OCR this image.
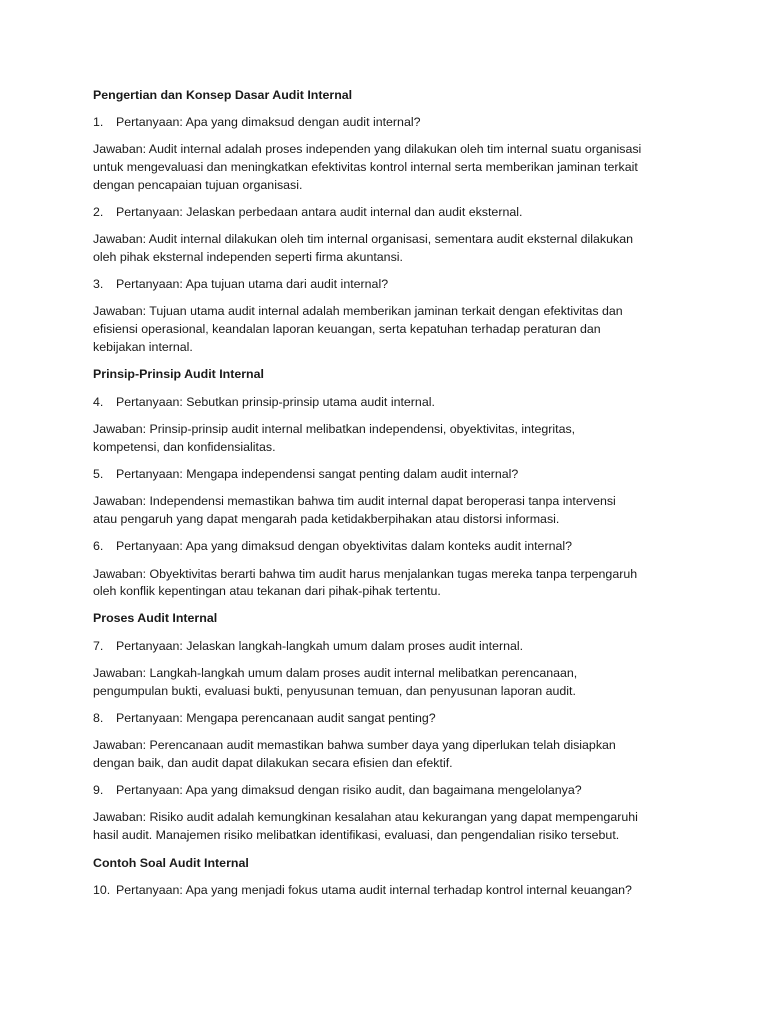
Pengertian dan Konsep Dasar Audit Internal

1. Pertanyaan: Apa yang dimaksud dengan audit internal?

Jawaban: Audit internal adalah proses independen yang dilakukan oleh tim internal suatu organisasi

untuk mengevaluasi dan meningkatkan efektivitas kontrol internal serta memberikan jaminan terkait

dengan pencapaian tujuan organisasi.

2. Pertanyaan: Jelaskan perbedaan antara audit internal dan audit eksternal.

Jawaban: Audit internal dilakukan oleh tim internal organisasi, sementara audit eksternal dilakukan

oleh pihak eksternal independen seperti firma akuntansi.

3. Pertanyaan: Apa tujuan utama dari audit internal?

Jawaban: Tujuan utama audit internal adalah memberikan jaminan terkait dengan efektivitas dan

efisiensi operasional, keandalan laporan keuangan, serta kepatuhan terhadap peraturan dan

kebijakan internal.

Prinsip-Prinsip Audit Internal

4. Pertanyaan: Sebutkan prinsip-prinsip utama audit internal.

Jawaban: Prinsip-prinsip audit internal melibatkan independensi, obyektivitas, integritas,

kompetensi, dan konfidensialitas.

5. Pertanyaan: Mengapa independensi sangat penting dalam audit internal?

Jawaban: Independensi memastikan bahwa tim audit internal dapat beroperasi tanpa intervensi

atau pengaruh yang dapat mengarah pada ketidakberpihakan atau distorsi informasi.

6. Pertanyaan: Apa yang dimaksud dengan obyektivitas dalam konteks audit internal?

Jawaban: Obyektivitas berarti bahwa tim audit harus menjalankan tugas mereka tanpa terpengaruh

oleh konflik kepentingan atau tekanan dari pihak-pihak tertentu.

Proses Audit Internal

7. Pertanyaan: Jelaskan langkah-langkah umum dalam proses audit internal.

Jawaban: Langkah-langkah umum dalam proses audit internal melibatkan perencanaan,

pengumpulan bukti, evaluasi bukti, penyusunan temuan, dan penyusunan laporan audit.

8. Pertanyaan: Mengapa perencanaan audit sangat penting?

Jawaban: Perencanaan audit memastikan bahwa sumber daya yang diperlukan telah disiapkan

dengan baik, dan audit dapat dilakukan secara efisien dan efektif.

9. Pertanyaan: Apa yang dimaksud dengan risiko audit, dan bagaimana mengelolanya?

Jawaban: Risiko audit adalah kemungkinan kesalahan atau kekurangan yang dapat mempengaruhi

hasil audit. Manajemen risiko melibatkan identifikasi, evaluasi, dan pengendalian risiko tersebut.

Contoh Soal Audit Internal

10. Pertanyaan: Apa yang menjadi fokus utama audit internal terhadap kontrol internal keuangan?
